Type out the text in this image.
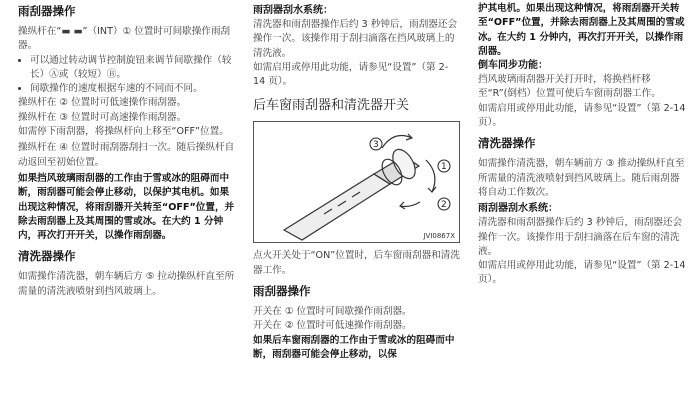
雨刮器操作

操纵杆在“▬ ▬”（INT）① 位置时可间歇操作雨刮器。

• 可以通过转动调节控制旋钮来调节间歇操作（较长）Ⓐ或（较短）Ⓑ。
• 间歇操作的速度根据车速的不同而不同。

操纵杆在 ② 位置时可低速操作雨刮器。

操纵杆在 ③ 位置时可高速操作雨刮器。

如需停下雨刮器，将操纵杆向上移至“OFF”位置。

操纵杆在 ④ 位置时雨刮器刮扫一次。随后操纵杆自动返回至初始位置。

如果挡风玻璃雨刮器的工作由于雪或冰的阻碍而中断，雨刮器可能会停止移动，以保护其电机。如果出现这种情况，将雨刮器开关转至“OFF”位置，并除去雨刮器上及其周围的雪或冰。在大约 1 分钟内，再次打开开关，以操作雨刮器。

清洗器操作

如需操作清洗器，朝车辆后方 ⑤ 拉动操纵杆直至所需量的清洗液喷射到挡风玻璃上。

雨刮器刮水系统：

清洗器和雨刮器操作后约 3 秒钟后，雨刮器还会操作一次。该操作用于刮扫滴落在挡风玻璃上的清洗液。

如需启用或停用此功能，请参见“设置”（第 2-14 页）。

后车窗雨刮器和清洗器开关
3
1
2
JVI0867X

点火开关处于“ON”位置时，后车窗雨刮器和清洗器工作。

雨刮器操作

开关在 ① 位置时可间歇操作雨刮器。

开关在 ② 位置时可低速操作雨刮器。

如果后车窗雨刮器的工作由于雪或冰的阻碍而中断，雨刮器可能会停止移动，以保

护其电机。如果出现这种情况，将雨刮器开关转至“OFF”位置，并除去雨刮器上及其周围的雪或冰。在大约 1 分钟内，再次打开开关，以操作雨刮器。

倒车同步功能：

挡风玻璃雨刮器开关打开时，将换档杆移至“R”(倒档）位置可使后车窗雨刮器工作。

如需启用或停用此功能，请参见“设置”（第 2-14 页）。

清洗器操作

如需操作清洗器，朝车辆前方 ③ 推动操纵杆直至所需量的清洗液喷射到挡风玻璃上。随后雨刮器将自动工作数次。

雨刮器刮水系统：

清洗器和雨刮器操作后约 3 秒钟后，雨刮器还会操作一次。该操作用于刮扫滴落在后车窗的清洗液。

如需启用或停用此功能，请参见“设置”（第 2-14 页）。
